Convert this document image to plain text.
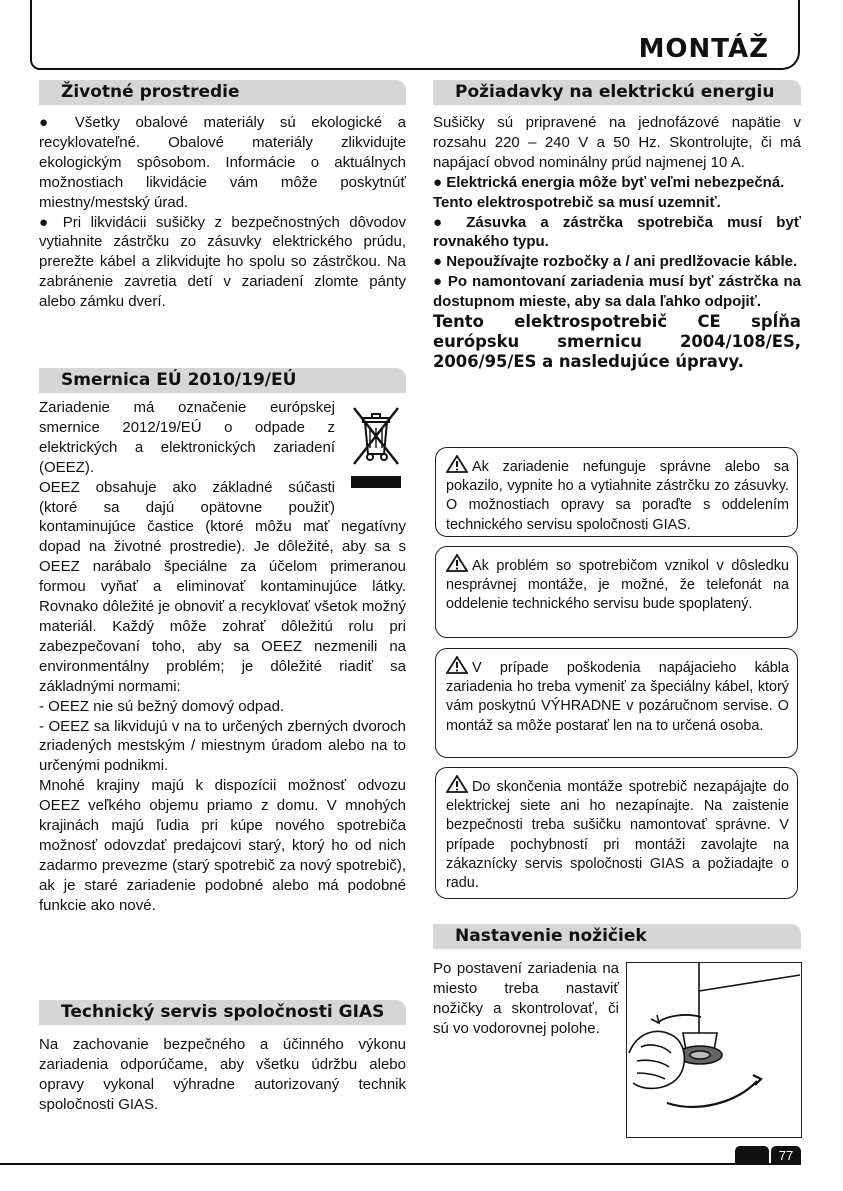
MONTÁŽ
Životné prostredie

● Všetky obalové materiály sú ekologické a recyklovateľné. Obalové materiály zlikvidujte ekologickým spôsobom. Informácie o aktuálnych možnostiach likvidácie vám môže poskytnúť miestny/mestský úrad.

● Pri likvidácii sušičky z bezpečnostných dôvodov vytiahnite zástrčku zo zásuvky elektrického prúdu, prerežte kábel a zlikvidujte ho spolu so zástrčkou. Na zabránenie zavretia detí v zariadení zlomte pánty alebo zámku dverí.

Smernica EÚ 2010/19/EÚ

Zariadenie má označenie európskej

smernice 2012/19/EÚ o odpade z

elektrických a elektronických zariadení

(OEEZ).

OEEZ obsahuje ako základné súčasti

(ktoré sa dajú opätovne použiť)

kontaminujúce častice (ktoré môžu mať negatívny dopad na životné prostredie). Je dôležité, aby sa s OEEZ narábalo špeciálne za účelom primeranou formou vyňať a eliminovať kontaminujúce látky. Rovnako dôležité je obnoviť a recyklovať všetok možný materiál. Každý môže zohrať dôležitú rolu pri zabezpečovaní toho, aby sa OEEZ nezmenili na environmentálny problém; je dôležité riadiť sa základnými normami:

- OEEZ nie sú bežný domový odpad.

- OEEZ sa likvidujú v na to určených zberných dvoroch zriadených mestským / miestnym úradom alebo na to určenými podnikmi.

Mnohé krajiny majú k dispozícii možnosť odvozu OEEZ veľkého objemu priamo z domu. V mnohých krajinách majú ľudia pri kúpe nového spotrebiča možnosť odovzdať predajcovi starý, ktorý ho od nich zadarmo prevezme (starý spotrebič za nový spotrebič), ak je staré zariadenie podobné alebo má podobné funkcie ako nové.

Technický servis spoločnosti GIAS

Na zachovanie bezpečného a účinného výkonu zariadenia odporúčame, aby všetku údržbu alebo opravy vykonal výhradne autorizovaný technik spoločnosti GIAS.

Požiadavky na elektrickú energiu

Sušičky sú pripravené na jednofázové napätie v rozsahu 220 – 240 V a 50 Hz. Skontrolujte, či má napájací obvod nominálny prúd najmenej 10 A.

● Elektrická energia môže byť veľmi nebezpečná.

Tento elektrospotrebič sa musí uzemniť.

● Zásuvka a zástrčka spotrebiča musí byť rovnakého typu.

● Nepoužívajte rozbočky a / ani predlžovacie káble.

● Po namontovaní zariadenia musí byť zástrčka na dostupnom mieste, aby sa dala ľahko odpojiť.

Tento elektrospotrebič CE spĺňa európsku smernicu 2004/108/ES, 2006/95/ES a nasledujúce úpravy.

Ak zariadenie nefunguje správne alebo sa pokazilo, vypnite ho a vytiahnite zástrčku zo zásuvky. O možnostiach opravy sa poraďte s oddelením technického servisu spoločnosti GIAS.

Ak problém so spotrebičom vznikol v dôsledku nesprávnej montáže, je možné, že telefonát na oddelenie technického servisu bude spoplatený.

V prípade poškodenia napájacieho kábla zariadenia ho treba vymeniť za špeciálny kábel, ktorý vám poskytnú VÝHRADNE v pozáručnom servise. O montáž sa môže postarať len na to určená osoba.

Do skončenia montáže spotrebič nezapájajte do elektrickej siete ani ho nezapínajte. Na zaistenie bezpečnosti treba sušičku namontovať správne. V prípade pochybností pri montáži zavolajte na zákaznícky servis spoločnosti GIAS a požiadajte o radu.

Nastavenie nožičiek

Po postavení zariadenia na miesto treba nastaviť nožičky a skontrolovať, či sú vo vodorovnej polohe.

77
